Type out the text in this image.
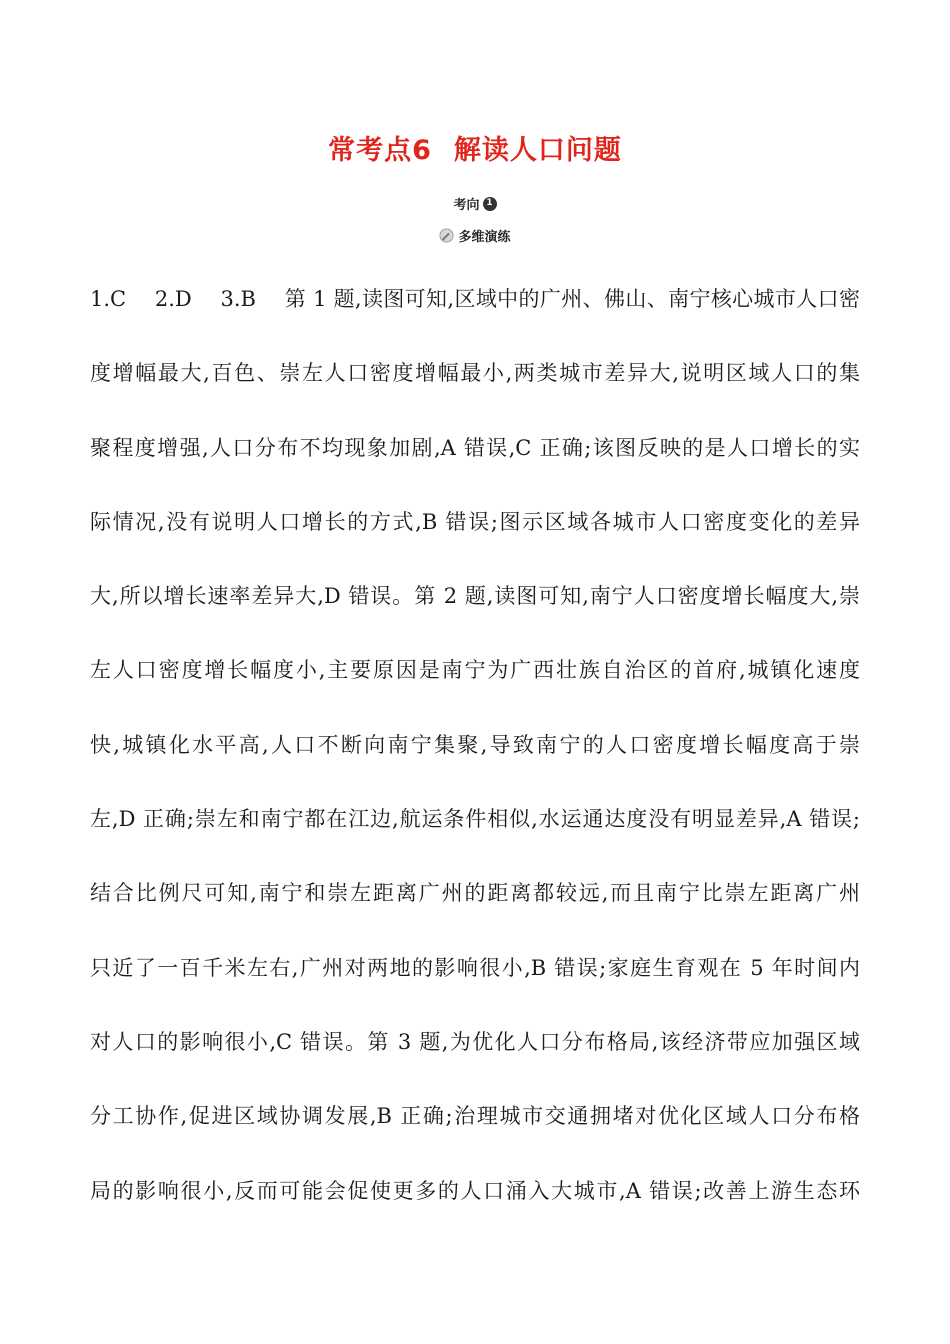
常考点6 解读人口问题
考向 1
多维演练
1.C　 2.D　 3.B　 第 1 题,读图可知,区域中的广州、佛山、南宁核心城市人口密
度增幅最大,百色、崇左人口密度增幅最小,两类城市差异大,说明区域人口的集
聚程度增强,人口分布不均现象加剧,A 错误,C 正确;该图反映的是人口增长的实
际情况,没有说明人口增长的方式,B 错误;图示区域各城市人口密度变化的差异
大,所以增长速率差异大,D 错误。第 2 题,读图可知,南宁人口密度增长幅度大,崇
左人口密度增长幅度小,主要原因是南宁为广西壮族自治区的首府,城镇化速度
快,城镇化水平高,人口不断向南宁集聚,导致南宁的人口密度增长幅度高于崇
左,D 正确;崇左和南宁都在江边,航运条件相似,水运通达度没有明显差异,A 错误;
结合比例尺可知,南宁和崇左距离广州的距离都较远,而且南宁比崇左距离广州
只近了一百千米左右,广州对两地的影响很小,B 错误;家庭生育观在 5 年时间内
对人口的影响很小,C 错误。第 3 题,为优化人口分布格局,该经济带应加强区域
分工协作,促进区域协调发展,B 正确;治理城市交通拥堵对优化区域人口分布格
局的影响很小,反而可能会促使更多的人口涌入大城市,A 错误;改善上游生态环
